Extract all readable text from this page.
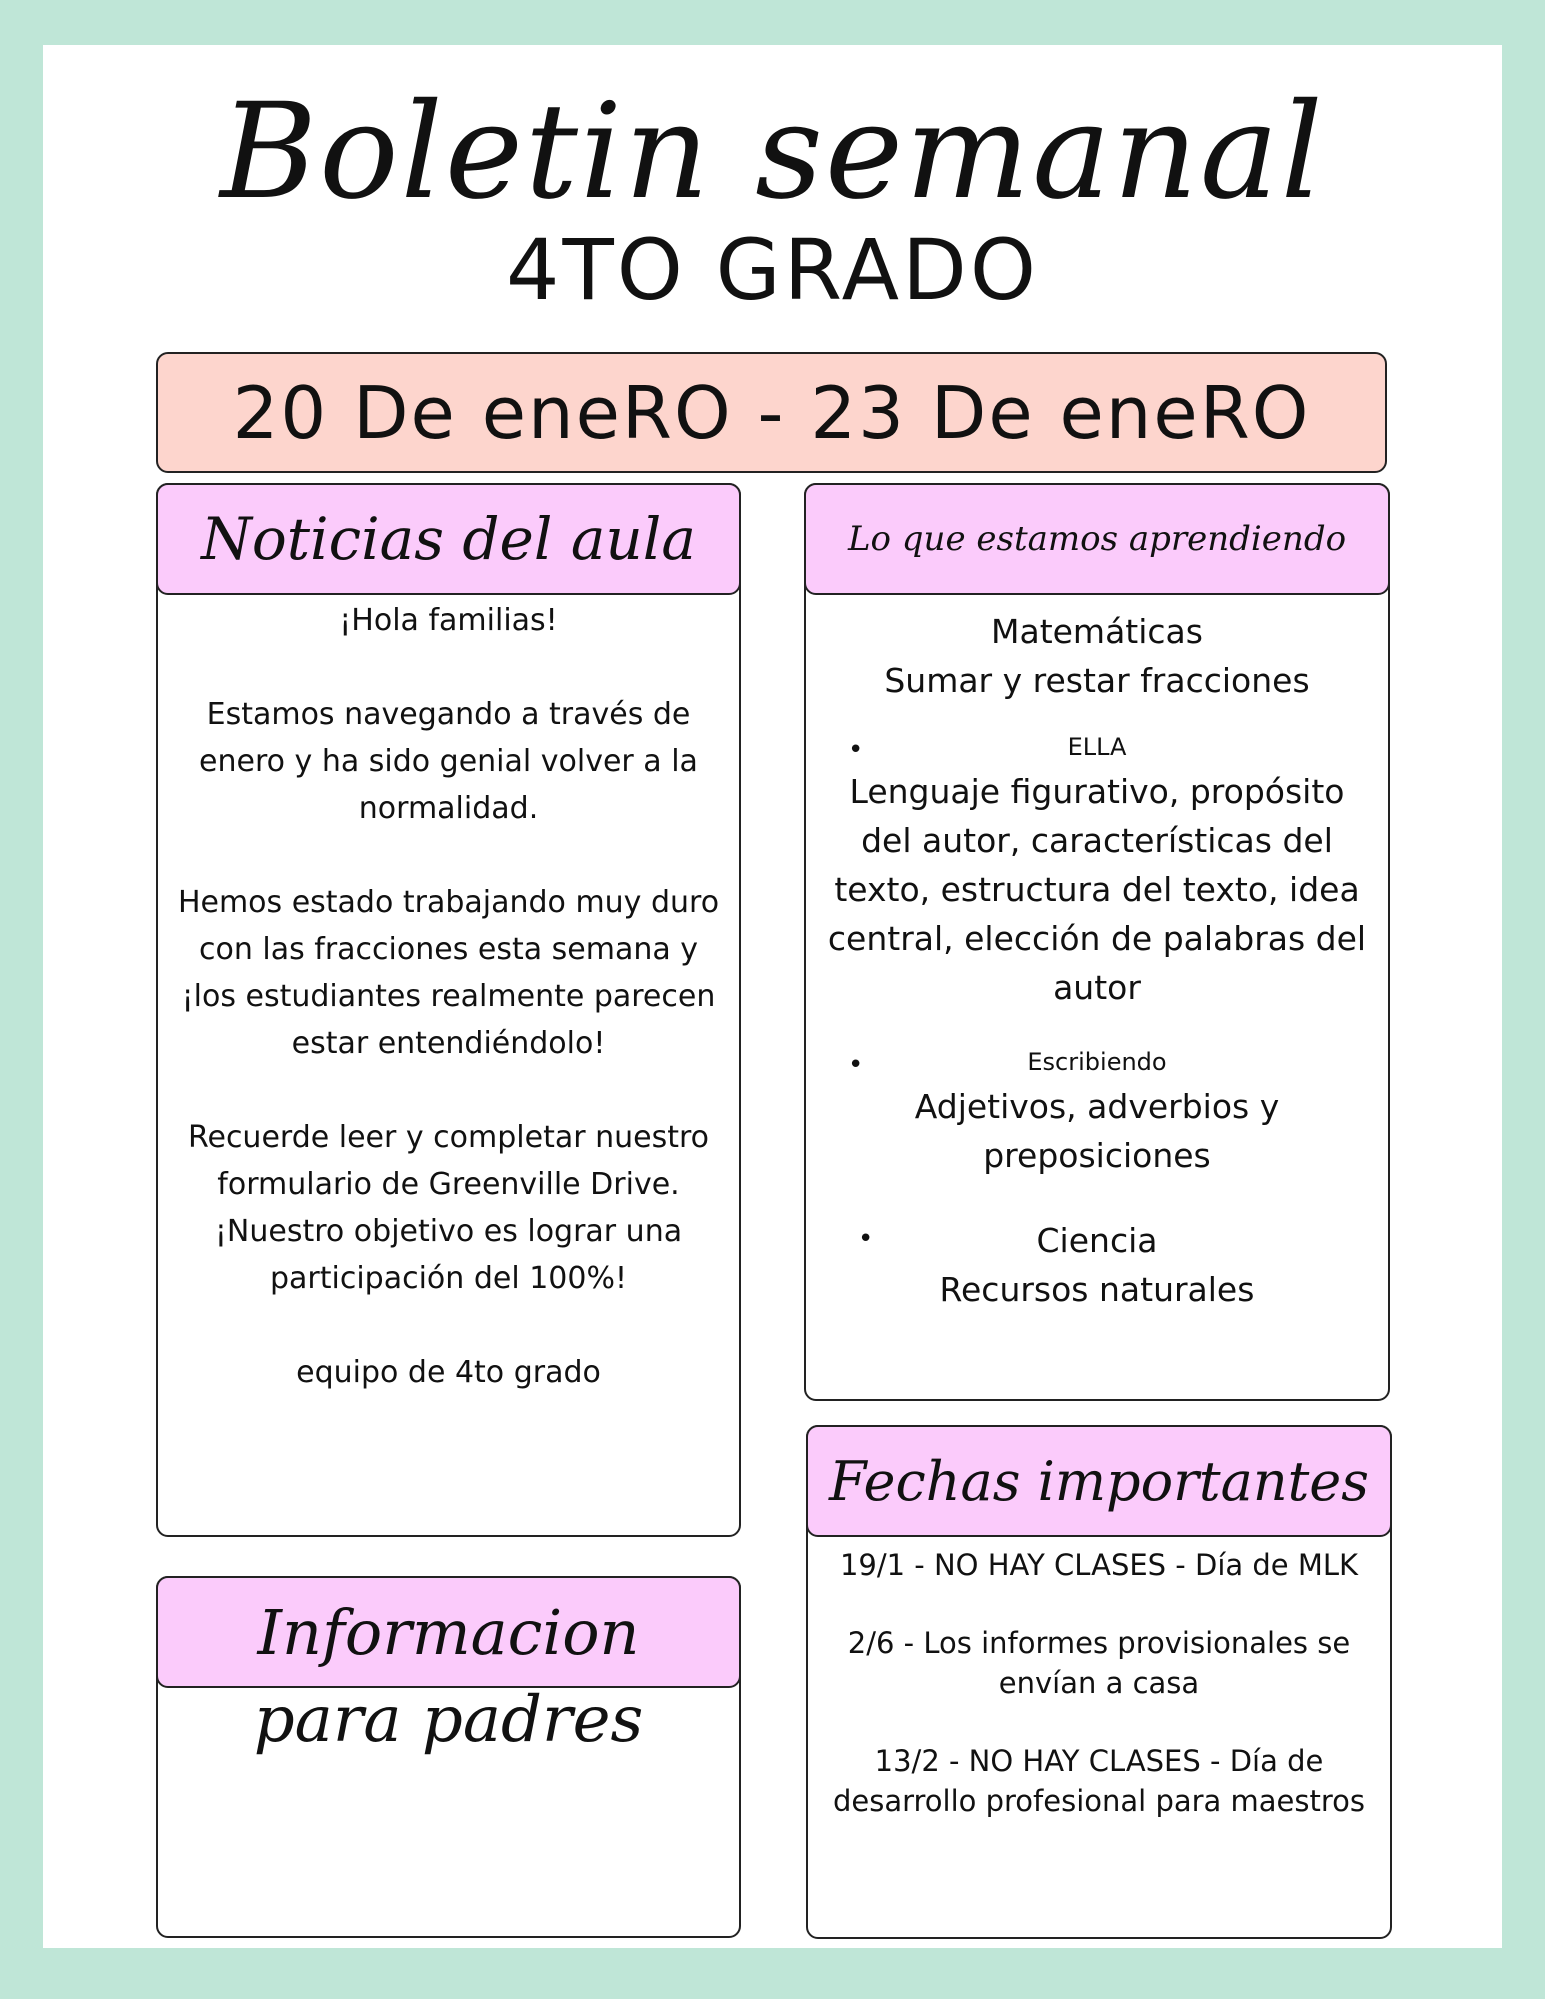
Boletin semanal
4TO GRADO
20 De eneRO - 23 De eneRO
Noticias del aula

¡Hola familias!

Estamos navegando a través de enero y ha sido genial volver a la normalidad.

Hemos estado trabajando muy duro con las fracciones esta semana y ¡los estudiantes realmente parecen estar entendiéndolo!

Recuerde leer y completar nuestro formulario de Greenville Drive. ¡Nuestro objetivo es lograr una participación del 100%!

equipo de 4to grado

Lo que estamos aprendiendo
Matemáticas
Sumar y restar fracciones
•	ELLA
Lenguaje figurativo, propósito del autor, características del texto, estructura del texto, idea central, elección de palabras del autor
•	Escribiendo
Adjetivos, adverbios y preposiciones
•	Ciencia
Recursos naturales
Fechas importantes

19/1 - NO HAY CLASES - Día de MLK

2/6 - Los informes provisionales se envían a casa

13/2 - NO HAY CLASES - Día de desarrollo profesional para maestros

Informacion
para padres
